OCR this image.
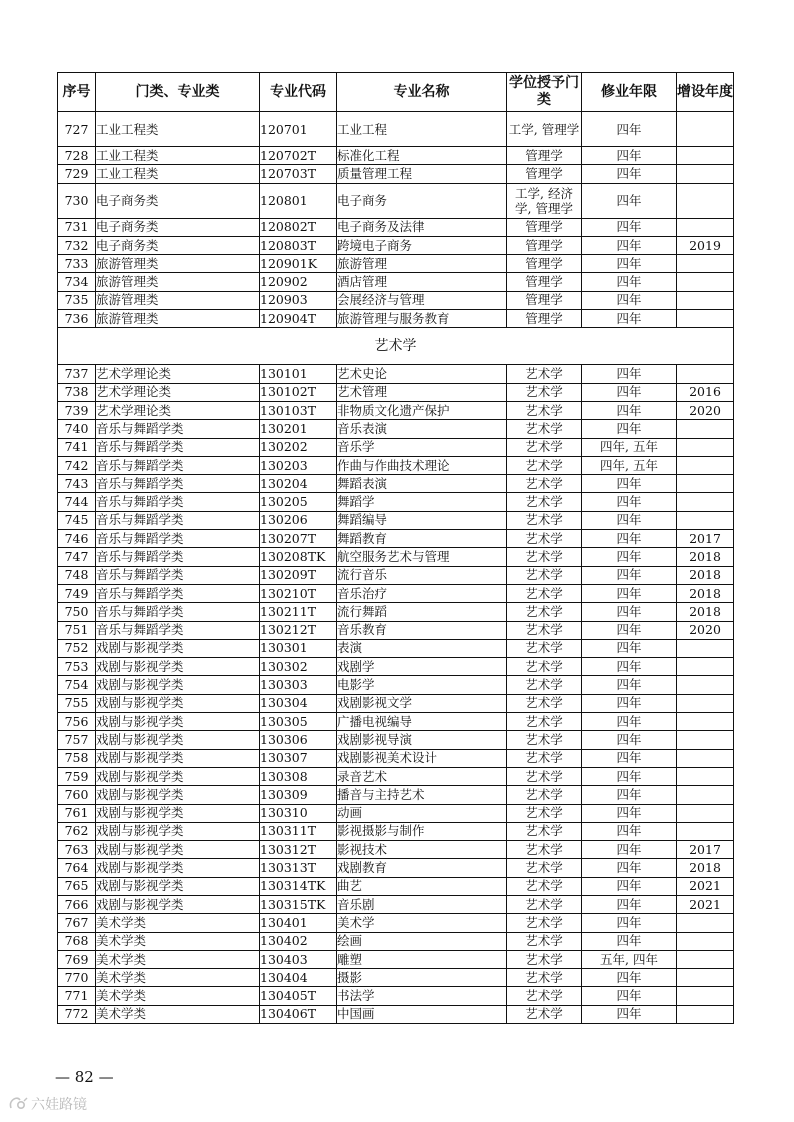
序号	门类、专业类	专业代码	专业名称	学位授予门类	修业年限	增设年度
727	工业工程类	120701	工业工程	工学, 管理学	四年	
728	工业工程类	120702T	标准化工程	管理学	四年	
729	工业工程类	120703T	质量管理工程	管理学	四年	
730	电子商务类	120801	电子商务	工学, 经济学, 管理学	四年	
731	电子商务类	120802T	电子商务及法律	管理学	四年	
732	电子商务类	120803T	跨境电子商务	管理学	四年	2019
733	旅游管理类	120901K	旅游管理	管理学	四年	
734	旅游管理类	120902	酒店管理	管理学	四年	
735	旅游管理类	120903	会展经济与管理	管理学	四年	
736	旅游管理类	120904T	旅游管理与服务教育	管理学	四年	
艺术学						
737	艺术学理论类	130101	艺术史论	艺术学	四年	
738	艺术学理论类	130102T	艺术管理	艺术学	四年	2016
739	艺术学理论类	130103T	非物质文化遗产保护	艺术学	四年	2020
740	音乐与舞蹈学类	130201	音乐表演	艺术学	四年	
741	音乐与舞蹈学类	130202	音乐学	艺术学	四年, 五年	
742	音乐与舞蹈学类	130203	作曲与作曲技术理论	艺术学	四年, 五年	
743	音乐与舞蹈学类	130204	舞蹈表演	艺术学	四年	
744	音乐与舞蹈学类	130205	舞蹈学	艺术学	四年	
745	音乐与舞蹈学类	130206	舞蹈编导	艺术学	四年	
746	音乐与舞蹈学类	130207T	舞蹈教育	艺术学	四年	2017
747	音乐与舞蹈学类	130208TK	航空服务艺术与管理	艺术学	四年	2018
748	音乐与舞蹈学类	130209T	流行音乐	艺术学	四年	2018
749	音乐与舞蹈学类	130210T	音乐治疗	艺术学	四年	2018
750	音乐与舞蹈学类	130211T	流行舞蹈	艺术学	四年	2018
751	音乐与舞蹈学类	130212T	音乐教育	艺术学	四年	2020
752	戏剧与影视学类	130301	表演	艺术学	四年	
753	戏剧与影视学类	130302	戏剧学	艺术学	四年	
754	戏剧与影视学类	130303	电影学	艺术学	四年	
755	戏剧与影视学类	130304	戏剧影视文学	艺术学	四年	
756	戏剧与影视学类	130305	广播电视编导	艺术学	四年	
757	戏剧与影视学类	130306	戏剧影视导演	艺术学	四年	
758	戏剧与影视学类	130307	戏剧影视美术设计	艺术学	四年	
759	戏剧与影视学类	130308	录音艺术	艺术学	四年	
760	戏剧与影视学类	130309	播音与主持艺术	艺术学	四年	
761	戏剧与影视学类	130310	动画	艺术学	四年	
762	戏剧与影视学类	130311T	影视摄影与制作	艺术学	四年	
763	戏剧与影视学类	130312T	影视技术	艺术学	四年	2017
764	戏剧与影视学类	130313T	戏剧教育	艺术学	四年	2018
765	戏剧与影视学类	130314TK	曲艺	艺术学	四年	2021
766	戏剧与影视学类	130315TK	音乐剧	艺术学	四年	2021
767	美术学类	130401	美术学	艺术学	四年	
768	美术学类	130402	绘画	艺术学	四年	
769	美术学类	130403	雕塑	艺术学	五年, 四年	
770	美术学类	130404	摄影	艺术学	四年	
771	美术学类	130405T	书法学	艺术学	四年	
772	美术学类	130406T	中国画	艺术学	四年	
— 82 —
六娃路镜
